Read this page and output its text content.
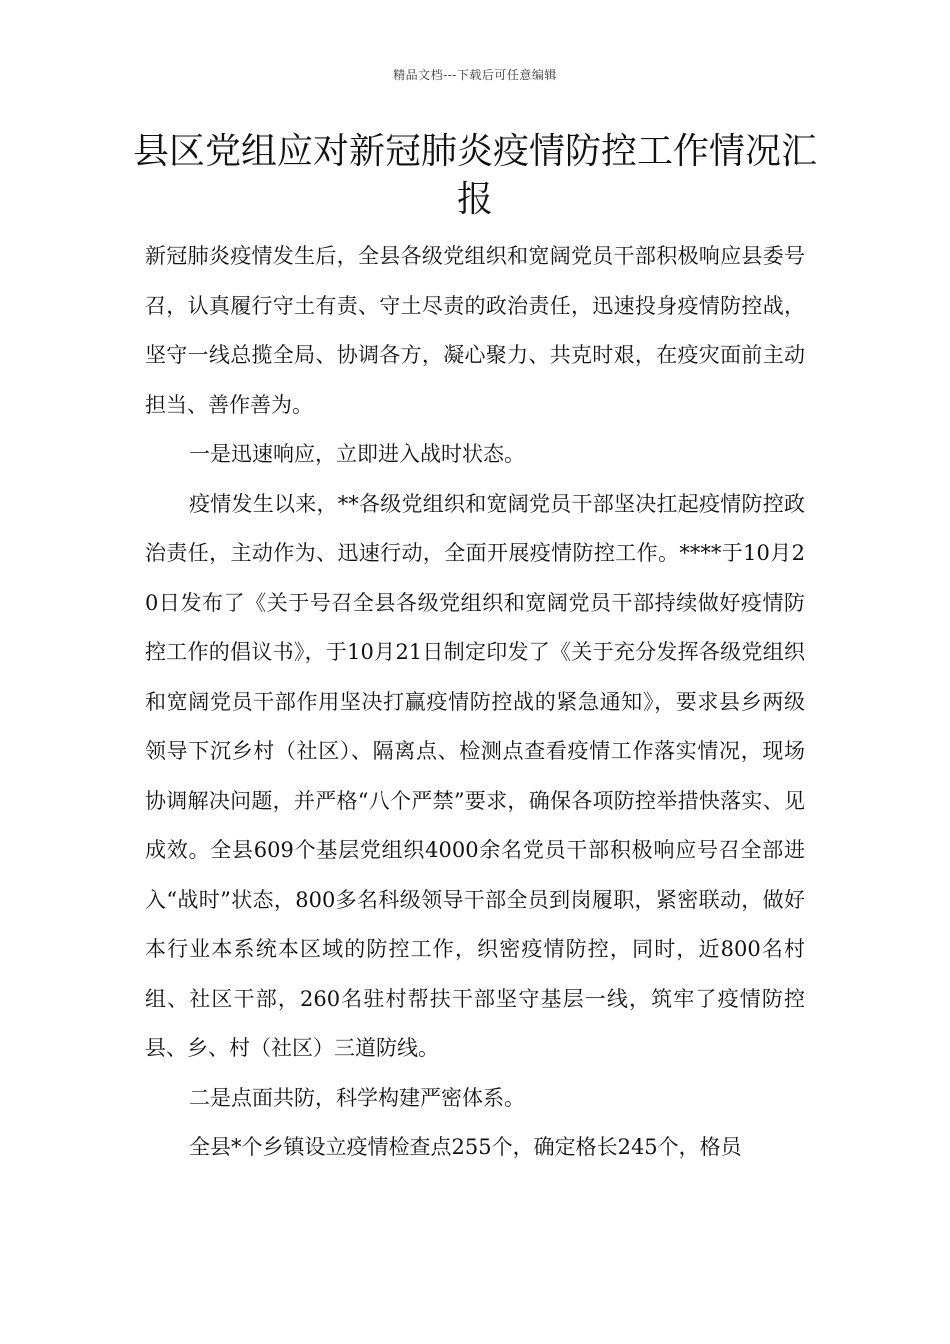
精品文档---下载后可任意编辑
县区党组应对新冠肺炎疫情防控工作情况汇报

新冠肺炎疫情发生后，全县各级党组织和宽阔党员干部积极响应县委号召，认真履行守土有责、守土尽责的政治责任，迅速投身疫情防控战，坚守一线总揽全局、协调各方，凝心聚力、共克时艰，在疫灾面前主动担当、善作善为。

一是迅速响应，立即进入战时状态。

疫情发生以来，**各级党组织和宽阔党员干部坚决扛起疫情防控政治责任，主动作为、迅速行动，全面开展疫情防控工作。****于10月20日发布了《关于号召全县各级党组织和宽阔党员干部持续做好疫情防控工作的倡议书》，于10月21日制定印发了《关于充分发挥各级党组织和宽阔党员干部作用坚决打赢疫情防控战的紧急通知》，要求县乡两级领导下沉乡村（社区）、隔离点、检测点查看疫情工作落实情况，现场协调解决问题，并严格“八个严禁”要求，确保各项防控举措快落实、见成效。全县609个基层党组织4000余名党员干部积极响应号召全部进入“战时”状态，800多名科级领导干部全员到岗履职，紧密联动，做好本行业本系统本区域的防控工作，织密疫情防控，同时，近800名村组、社区干部，260名驻村帮扶干部坚守基层一线，筑牢了疫情防控县、乡、村（社区）三道防线。

二是点面共防，科学构建严密体系。

全县*个乡镇设立疫情检查点255个，确定格长245个，格员
